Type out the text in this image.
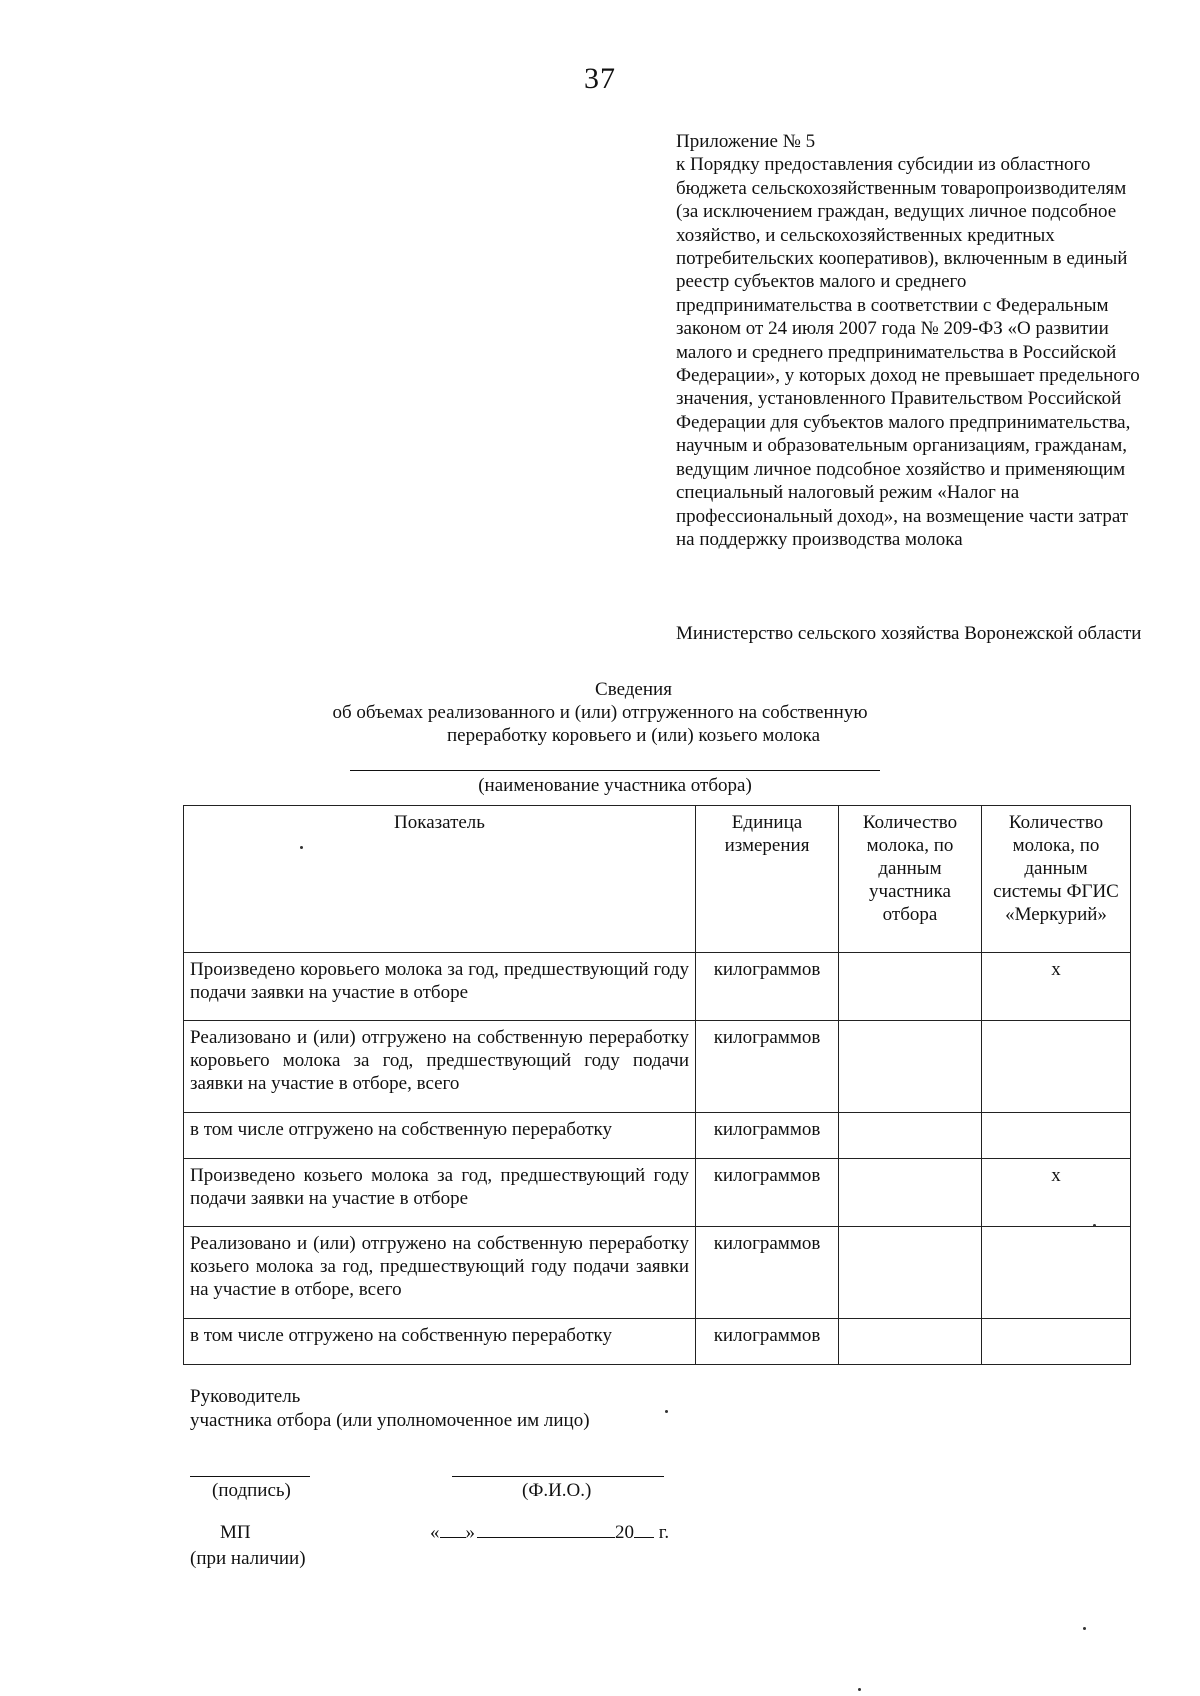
37
Приложение № 5
к Порядку предоставления субсидии из областного бюджета сельскохозяйственным товаропроизводителям (за исключением граждан, ведущих личное подсобное хозяйство, и сельскохозяйственных кредитных потребительских кооперативов), включенным в единый реестр субъектов малого и среднего предпринимательства в соответствии с Федеральным законом от 24 июля 2007 года № 209-ФЗ «О развитии малого и среднего предпринимательства в Российской Федерации», у которых доход не превышает предельного значения, установленного Правительством Российской Федерации для субъектов малого предпринимательства, научным и образовательным организациям, гражданам, ведущим личное подсобное хозяйство и применяющим специальный налоговый режим «Налог на профессиональный доход», на возмещение части затрат на поддержку производства молока
Министерство сельского хозяйства Воронежской области
Сведения
об объемах реализованного и (или) отгруженного на собственную
переработку коровьего и (или) козьего молока
(наименование участника отбора)
Показатель	Единица измерения	Количество молока, по данным участника отбора	Количество молока, по данным системы ФГИС «Меркурий»
Произведено коровьего молока за год, предшествующий году подачи заявки на участие в отборе	килограммов		х
Реализовано и (или) отгружено на собственную переработку коровьего молока за год, предшествующий году подачи заявки на участие в отборе, всего	килограммов		
в том числе отгружено на собственную переработку	килограммов		
Произведено козьего молока за год, предшествующий году подачи заявки на участие в отборе	килограммов		х
Реализовано и (или) отгружено на собственную переработку козьего молока за год, предшествующий году подачи заявки на участие в отборе, всего	килограммов		
в том числе отгружено на собственную переработку	килограммов		
Руководитель
участника отбора (или уполномоченное им лицо)
(подпись)	(Ф.И.О.)
МП
(при наличии)
« »	20 г.
